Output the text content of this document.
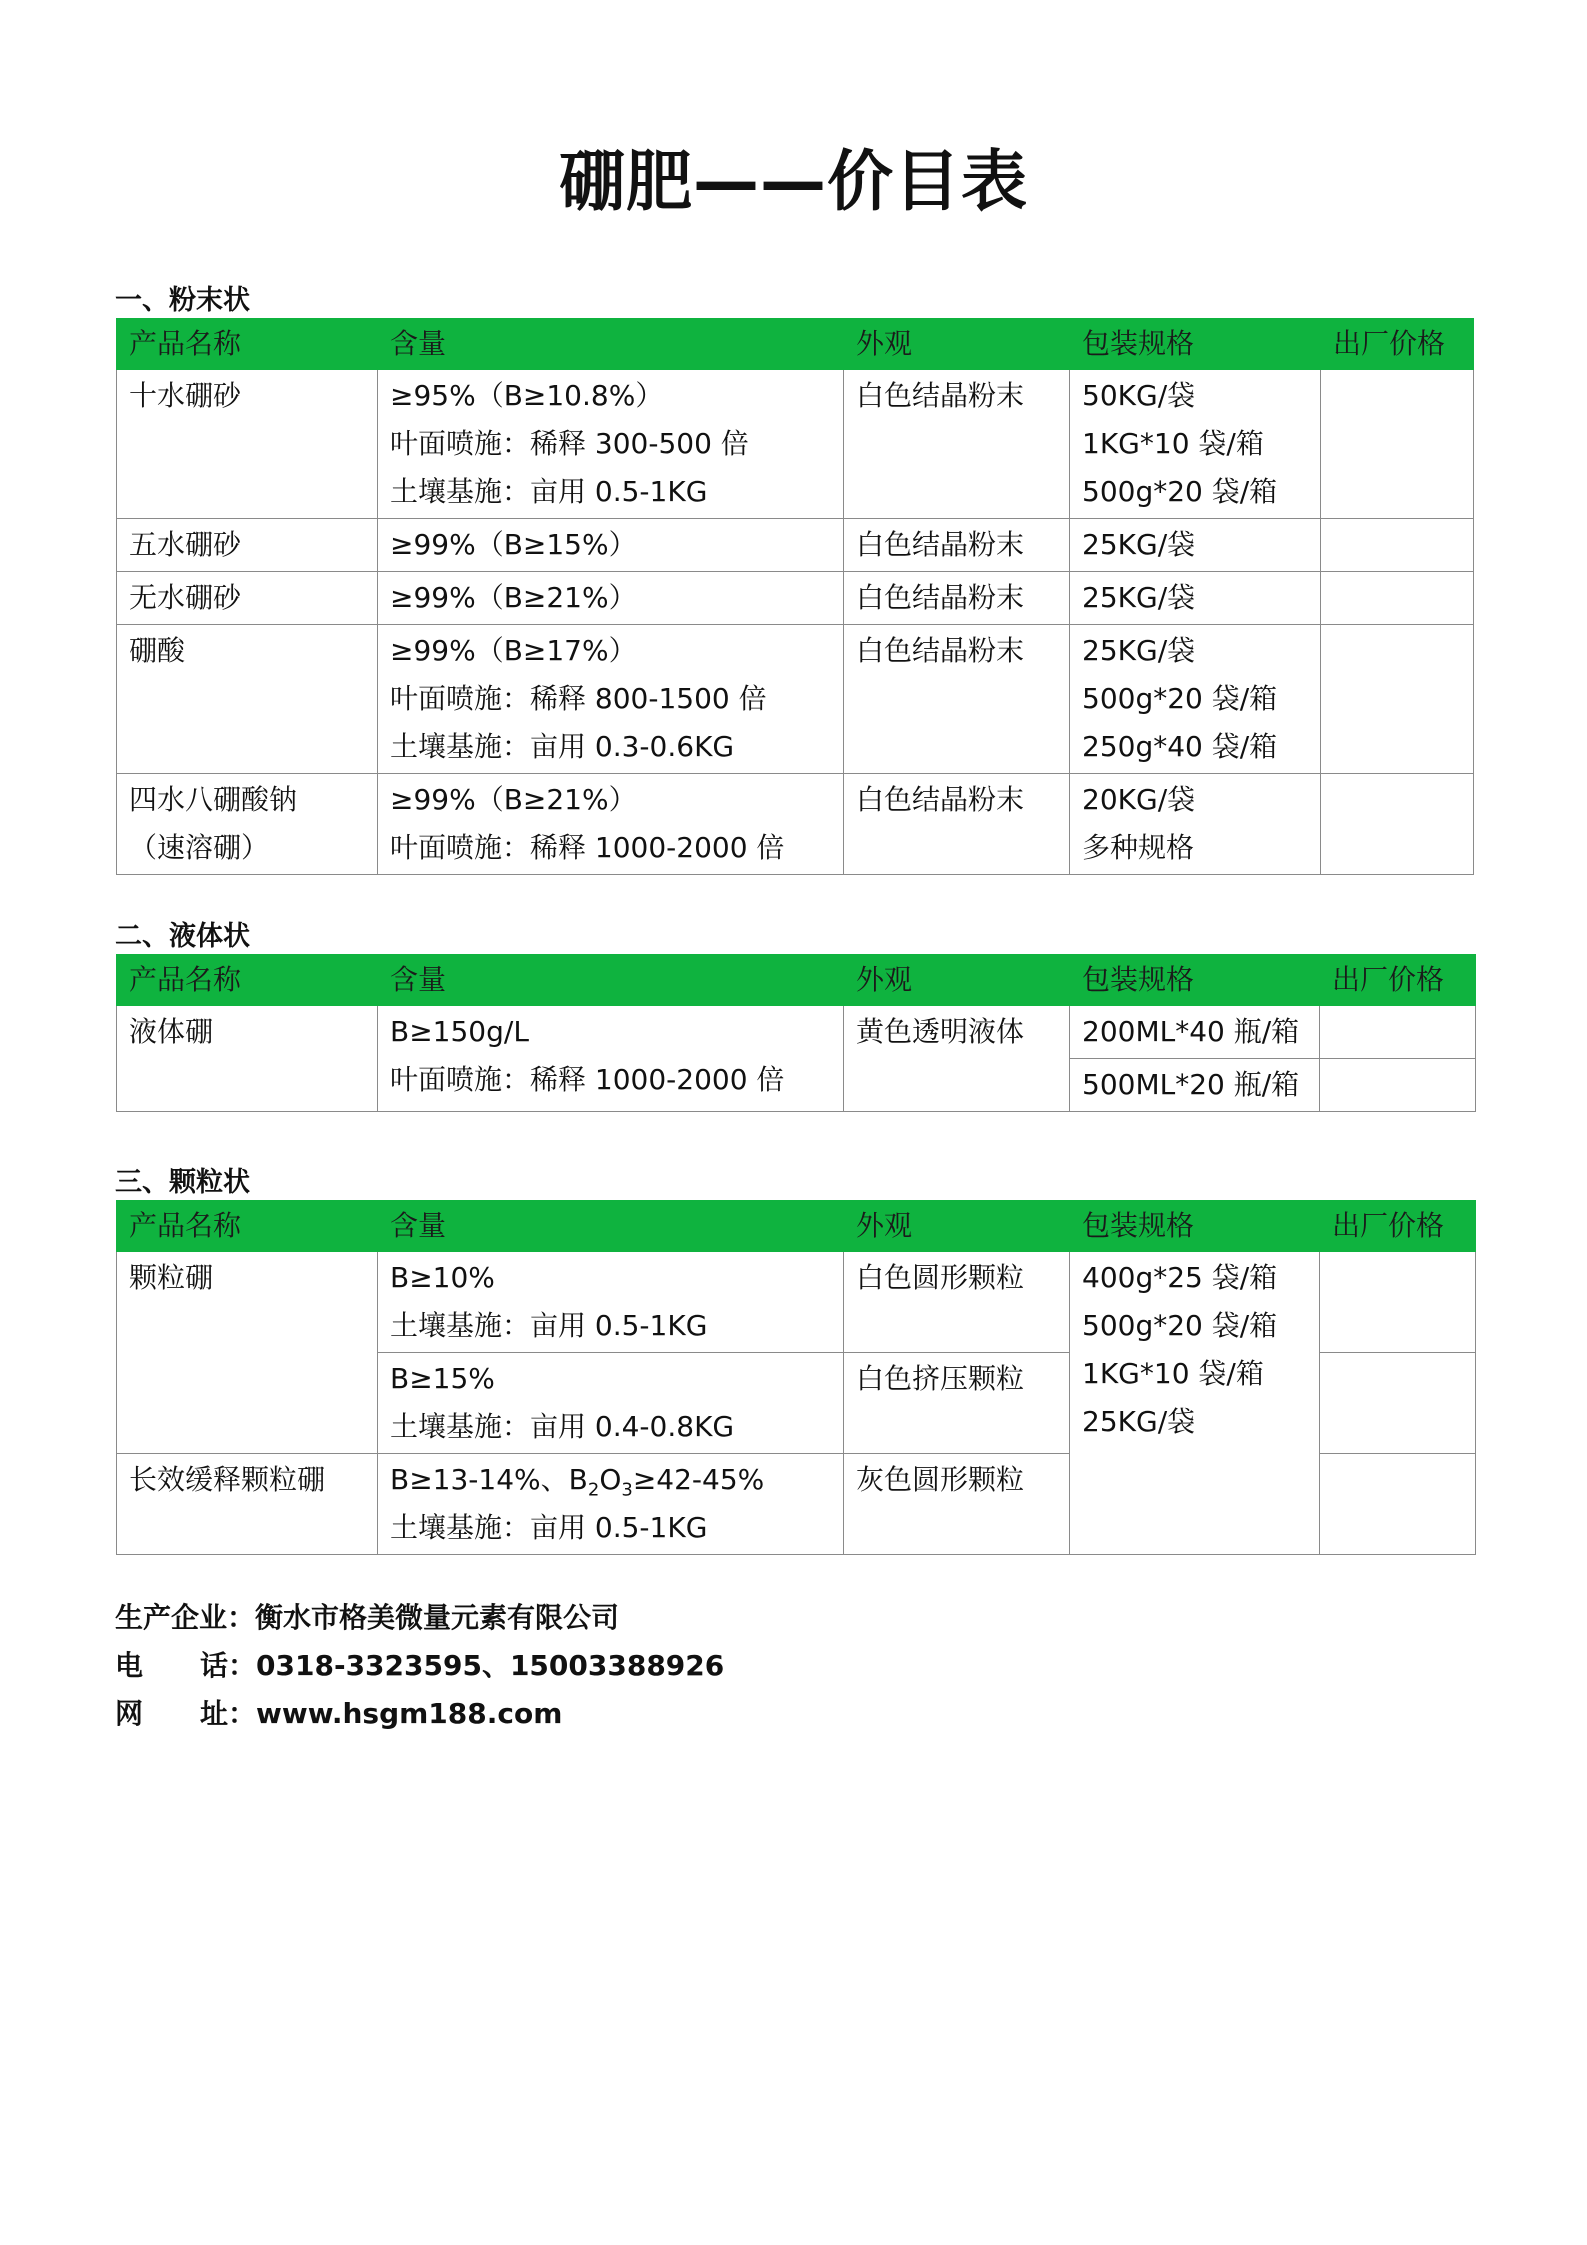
硼肥——价目表
一、粉末状
产品名称	含量	外观	包装规格	出厂价格

十水硼砂	≥95%（B≥10.8%）
叶面喷施：稀释 300-500 倍
土壤基施：亩用 0.5-1KG	白色结晶粉末	50KG/袋
1KG*10 袋/箱
500g*20 袋/箱	

五水硼砂	≥99%（B≥15%）	白色结晶粉末	25KG/袋	

无水硼砂	≥99%（B≥21%）	白色结晶粉末	25KG/袋	

硼酸	≥99%（B≥17%）
叶面喷施：稀释 800-1500 倍
土壤基施：亩用 0.3-0.6KG	白色结晶粉末	25KG/袋
500g*20 袋/箱
250g*40 袋/箱	

四水八硼酸钠
（速溶硼）	≥99%（B≥21%）
叶面喷施：稀释 1000-2000 倍	白色结晶粉末	20KG/袋
多种规格	

二、液体状
产品名称	含量	外观	包装规格	出厂价格
液体硼	B≥150g/L
叶面喷施：稀释 1000-2000 倍	黄色透明液体	200ML*40 瓶/箱	
			500ML*20 瓶/箱	
三、颗粒状
产品名称	含量	外观	包装规格	出厂价格
颗粒硼	B≥10%
土壤基施：亩用 0.5-1KG	白色圆形颗粒	400g*25 袋/箱
500g*20 袋/箱
1KG*10 袋/箱
25KG/袋	

	B≥15%
土壤基施：亩用 0.4-0.8KG	白色挤压颗粒		
长效缓释颗粒硼	B≥13-14%、$B_2O_3\ge 42-45\%$
土壤基施：亩用 0.5-1KG	灰色圆形颗粒		
生产企业：衡水市格美微量元素有限公司
电 话：0318-3323595、15003388926
网 址：www.hsgm188.com
